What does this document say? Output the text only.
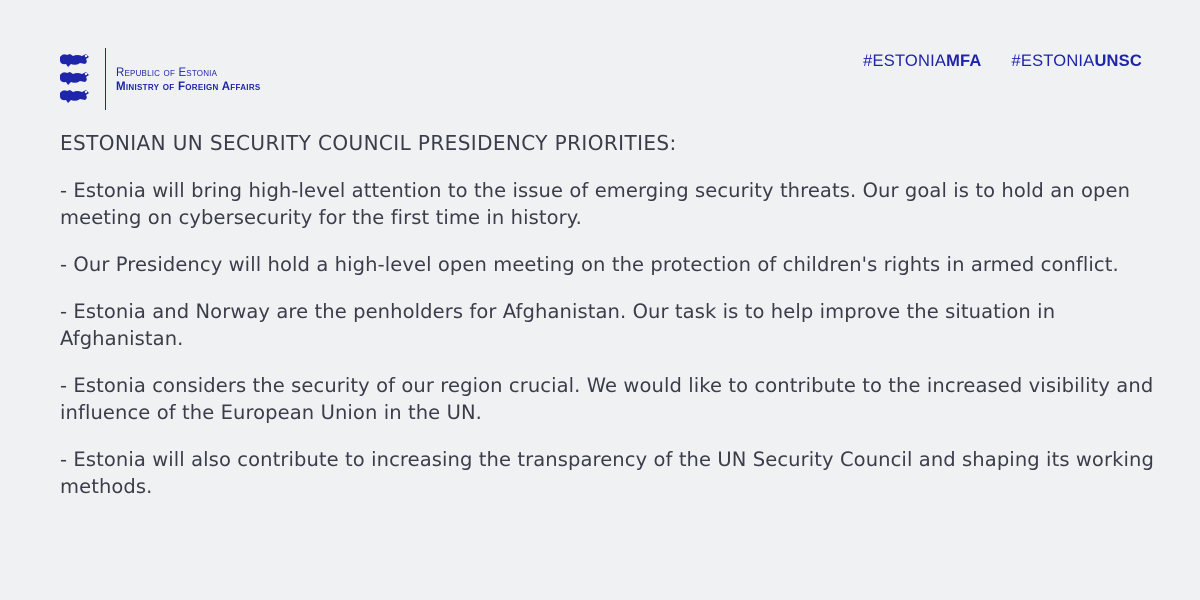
Republic of Estonia
Ministry of Foreign Affairs
#ESTONIAMFA #ESTONIAUNSC
ESTONIAN UN SECURITY COUNCIL PRESIDENCY PRIORITIES:

- Estonia will bring high-level attention to the issue of emerging security threats. Our goal is to hold an open meeting on cybersecurity for the first time in history.

- Our Presidency will hold a high-level open meeting on the protection of children's rights in armed conflict.

- Estonia and Norway are the penholders for Afghanistan. Our task is to help improve the situation in Afghanistan.

- Estonia considers the security of our region crucial. We would like to contribute to the increased visibility and influence of the European Union in the UN.

- Estonia will also contribute to increasing the transparency of the UN Security Council and shaping its working methods.
